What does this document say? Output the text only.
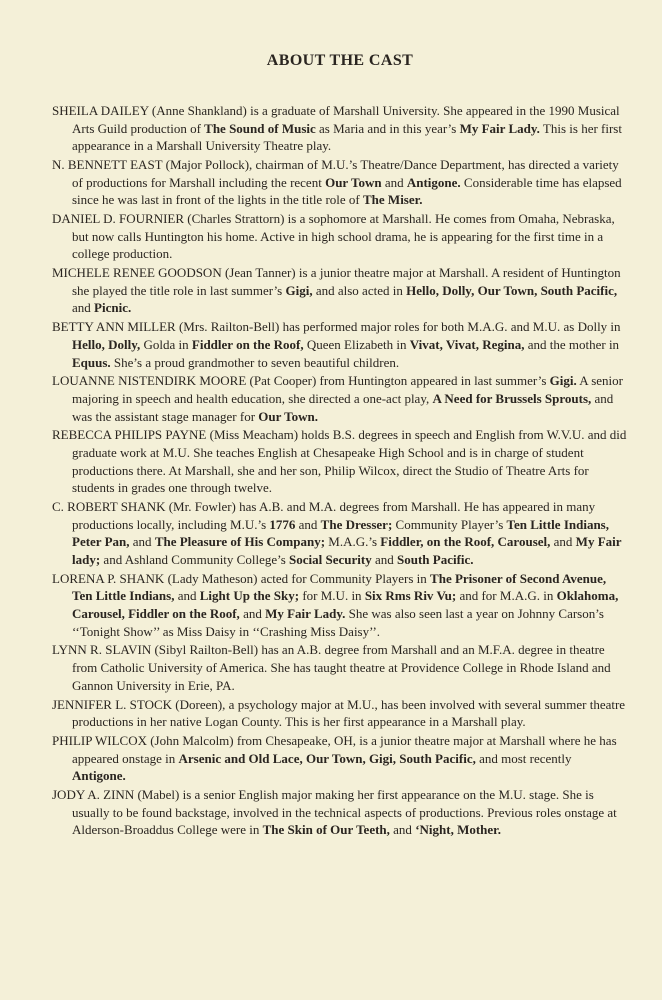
ABOUT THE CAST

SHEILA DAILEY (Anne Shankland) is a graduate of Marshall University. She appeared in the 1990 Musical Arts Guild production of The Sound of Music as Maria and in this year’s My Fair Lady. This is her first appearance in a Marshall University Theatre play.

N. BENNETT EAST (Major Pollock), chairman of M.U.’s Theatre/Dance Department, has directed a variety of productions for Marshall including the recent Our Town and Antigone. Considerable time has elapsed since he was last in front of the lights in the title role of The Miser.

DANIEL D. FOURNIER (Charles Strattorn) is a sophomore at Marshall. He comes from Omaha, Nebraska, but now calls Huntington his home. Active in high school drama, he is appearing for the first time in a college production.

MICHELE RENEE GOODSON (Jean Tanner) is a junior theatre major at Marshall. A resident of Huntington she played the title role in last summer’s Gigi, and also acted in Hello, Dolly, Our Town, South Pacific, and Picnic.

BETTY ANN MILLER (Mrs. Railton-Bell) has performed major roles for both M.A.G. and M.U. as Dolly in Hello, Dolly, Golda in Fiddler on the Roof, Queen Elizabeth in Vivat, Vivat, Regina, and the mother in Equus. She’s a proud grandmother to seven beautiful children.

LOUANNE NISTENDIRK MOORE (Pat Cooper) from Huntington appeared in last summer’s Gigi. A senior majoring in speech and health education, she directed a one-act play, A Need for Brussels Sprouts, and was the assistant stage manager for Our Town.

REBECCA PHILIPS PAYNE (Miss Meacham) holds B.S. degrees in speech and English from W.V.U. and did graduate work at M.U. She teaches English at Chesapeake High School and is in charge of student productions there. At Marshall, she and her son, Philip Wilcox, direct the Studio of Theatre Arts for students in grades one through twelve.

C. ROBERT SHANK (Mr. Fowler) has A.B. and M.A. degrees from Marshall. He has appeared in many productions locally, including M.U.’s 1776 and The Dresser; Community Player’s Ten Little Indians, Peter Pan, and The Pleasure of His Company; M.A.G.’s Fiddler, on the Roof, Carousel, and My Fair lady; and Ashland Community College’s Social Security and South Pacific.

LORENA P. SHANK (Lady Matheson) acted for Community Players in The Prisoner of Second Avenue, Ten Little Indians, and Light Up the Sky; for M.U. in Six Rms Riv Vu; and for M.A.G. in Oklahoma, Carousel, Fiddler on the Roof, and My Fair Lady. She was also seen last a year on Johnny Carson’s ‘‘Tonight Show’’ as Miss Daisy in ‘‘Crashing Miss Daisy’’.

LYNN R. SLAVIN (Sibyl Railton-Bell) has an A.B. degree from Marshall and an M.F.A. degree in theatre from Catholic University of America. She has taught theatre at Providence College in Rhode Island and Gannon University in Erie, PA.

JENNIFER L. STOCK (Doreen), a psychology major at M.U., has been involved with several summer theatre productions in her native Logan County. This is her first appearance in a Marshall play.

PHILIP WILCOX (John Malcolm) from Chesapeake, OH, is a junior theatre major at Marshall where he has appeared onstage in Arsenic and Old Lace, Our Town, Gigi, South Pacific, and most recently Antigone.

JODY A. ZINN (Mabel) is a senior English major making her first appearance on the M.U. stage. She is usually to be found backstage, involved in the technical aspects of productions. Previous roles onstage at Alderson-Broaddus College were in The Skin of Our Teeth, and ‘Night, Mother.
